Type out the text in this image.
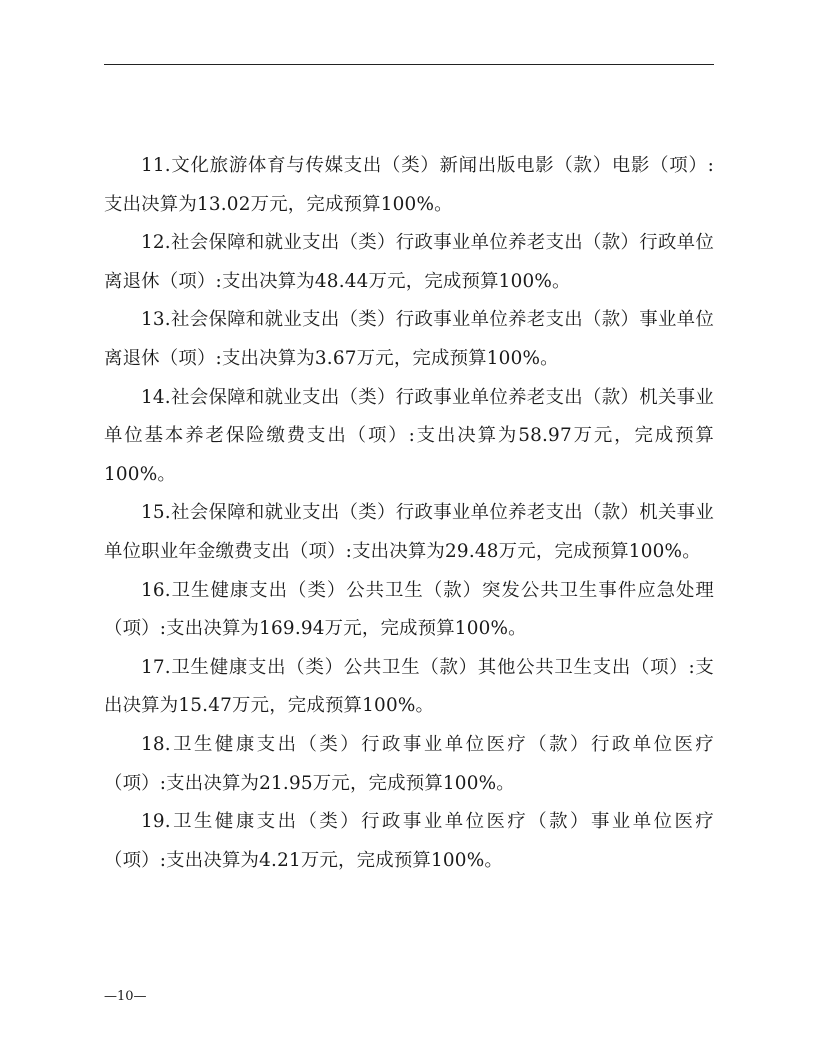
11.文化旅游体育与传媒支出（类）新闻出版电影（款）电影（项）:支出决算为13.02万元，完成预算100%。

12.社会保障和就业支出（类）行政事业单位养老支出（款）行政单位离退休（项）:支出决算为48.44万元，完成预算100%。

13.社会保障和就业支出（类）行政事业单位养老支出（款）事业单位离退休（项）:支出决算为3.67万元，完成预算100%。

14.社会保障和就业支出（类）行政事业单位养老支出（款）机关事业单位基本养老保险缴费支出（项）:支出决算为58.97万元，完成预算100%。

15.社会保障和就业支出（类）行政事业单位养老支出（款）机关事业单位职业年金缴费支出（项）:支出决算为29.48万元，完成预算100%。

16.卫生健康支出（类）公共卫生（款）突发公共卫生事件应急处理（项）:支出决算为169.94万元，完成预算100%。

17.卫生健康支出（类）公共卫生（款）其他公共卫生支出（项）:支出决算为15.47万元，完成预算100%。

18.卫生健康支出（类）行政事业单位医疗（款）行政单位医疗（项）:支出决算为21.95万元，完成预算100%。

19.卫生健康支出（类）行政事业单位医疗（款）事业单位医疗（项）:支出决算为4.21万元，完成预算100%。

—10—
